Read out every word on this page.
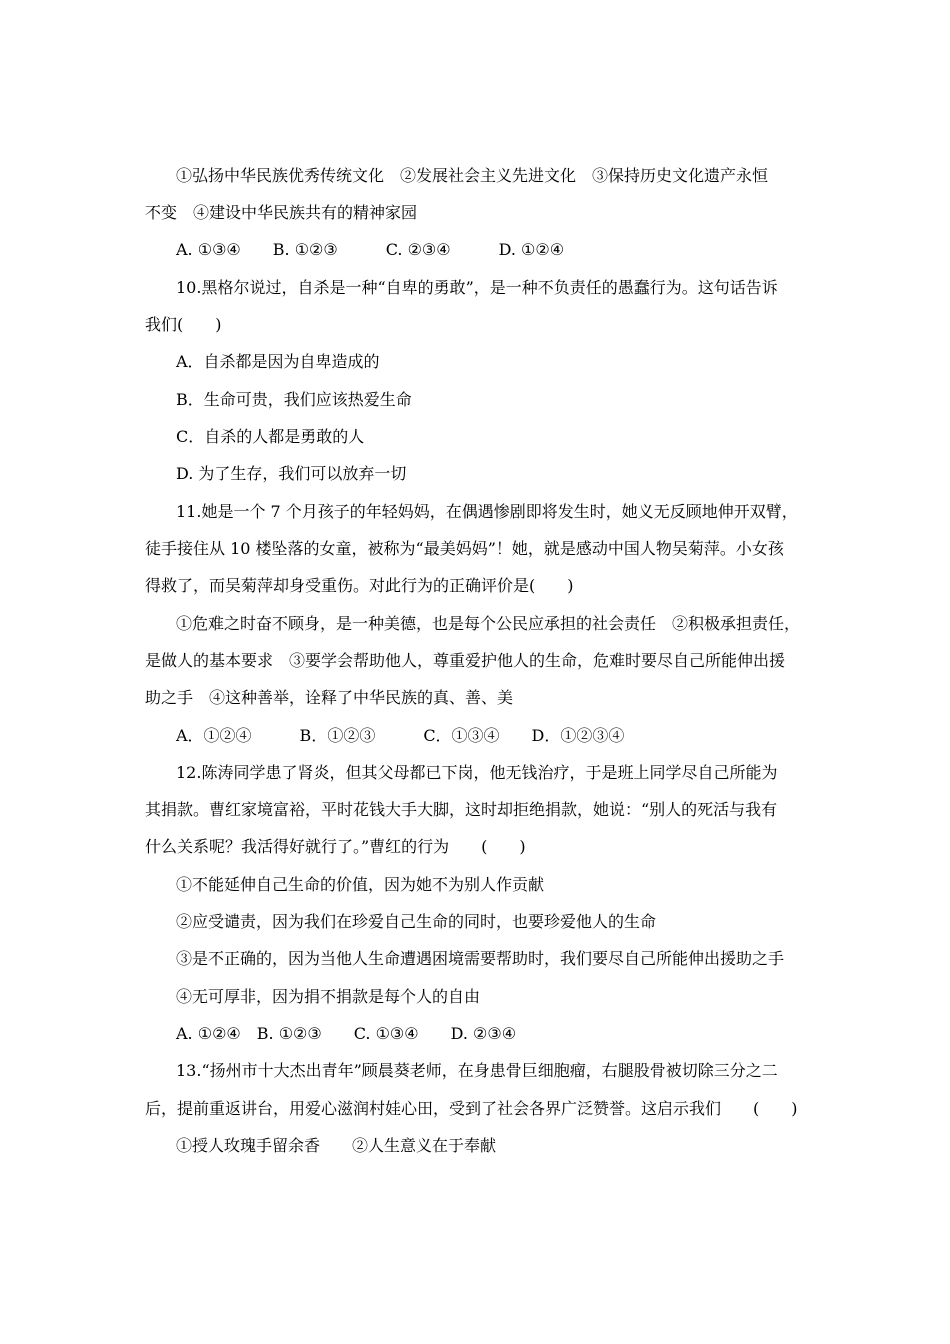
①弘扬中华民族优秀传统文化　②发展社会主义先进文化　③保持历史文化遗产永恒
不变　④建设中华民族共有的精神家园
A. ①③④　　B. ①②③　　　C. ②③④　　　D. ①②④
10.黑格尔说过，自杀是一种“自卑的勇敢”，是一种不负责任的愚蠢行为。这句话告诉
我们(　　)
A．自杀都是因为自卑造成的
B．生命可贵，我们应该热爱生命
C．自杀的人都是勇敢的人
D. 为了生存，我们可以放弃一切
11.她是一个 7 个月孩子的年轻妈妈，在偶遇惨剧即将发生时，她义无反顾地伸开双臂，
徒手接住从 10 楼坠落的女童，被称为“最美妈妈”！她，就是感动中国人物吴菊萍。小女孩
得救了，而吴菊萍却身受重伤。对此行为的正确评价是(　　)
①危难之时奋不顾身，是一种美德，也是每个公民应承担的社会责任　②积极承担责任，
是做人的基本要求　③要学会帮助他人，尊重爱护他人的生命，危难时要尽自己所能伸出援
助之手　④这种善举，诠释了中华民族的真、善、美
A．①②④　　　B．①②③　　　C．①③④　　D．①②③④
12.陈涛同学患了肾炎，但其父母都已下岗，他无钱治疗，于是班上同学尽自己所能为
其捐款。曹红家境富裕，平时花钱大手大脚，这时却拒绝捐款，她说：“别人的死活与我有
什么关系呢？我活得好就行了。”曹红的行为　　(　　)
①不能延伸自己生命的价值，因为她不为别人作贡献
②应受谴责，因为我们在珍爱自己生命的同时，也要珍爱他人的生命
③是不正确的，因为当他人生命遭遇困境需要帮助时，我们要尽自己所能伸出援助之手
④无可厚非，因为捐不捐款是每个人的自由
A. ①②④　B. ①②③　　C. ①③④　　D. ②③④
13.“扬州市十大杰出青年”顾晨葵老师，在身患骨巨细胞瘤，右腿股骨被切除三分之二
后，提前重返讲台，用爱心滋润村娃心田，受到了社会各界广泛赞誉。这启示我们　　(　　)
①授人玫瑰手留余香　　②人生意义在于奉献
